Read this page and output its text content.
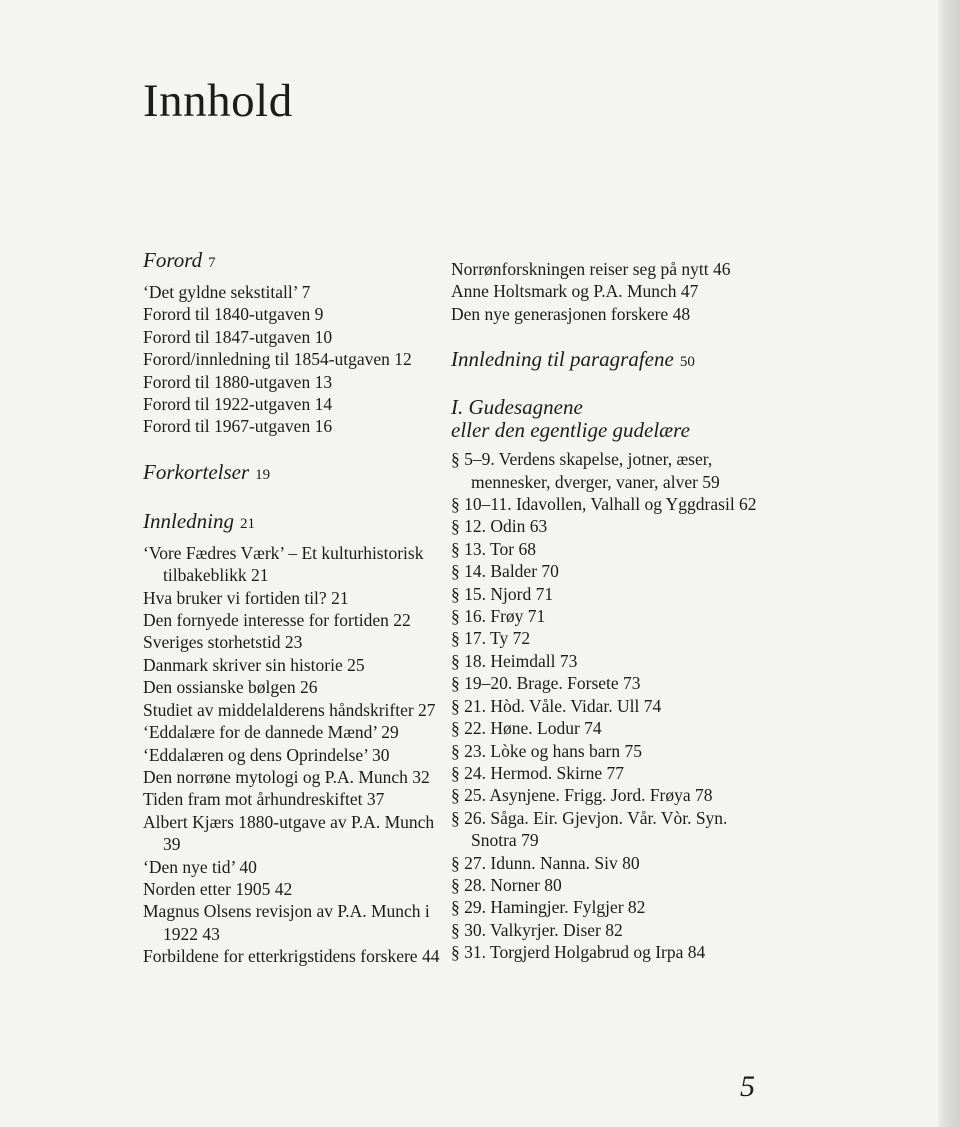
Innhold
Forord 7
‘Det gyldne sekstitall’ 7
Forord til 1840-utgaven 9
Forord til 1847-utgaven 10
Forord/innledning til 1854-utgaven 12
Forord til 1880-utgaven 13
Forord til 1922-utgaven 14
Forord til 1967-utgaven 16
Forkortelser 19
Innledning 21
‘Vore Fædres Værk’ – Et kulturhistorisk tilbakeblikk 21
Hva bruker vi fortiden til? 21
Den fornyede interesse for fortiden 22
Sveriges storhetstid 23
Danmark skriver sin historie 25
Den ossianske bølgen 26
Studiet av middelalderens håndskrifter 27
‘Eddalære for de dannede Mænd’ 29
‘Eddalæren og dens Oprindelse’ 30
Den norrøne mytologi og P.A. Munch 32
Tiden fram mot århundreskiftet 37
Albert Kjærs 1880-utgave av P.A. Munch 39
‘Den nye tid’ 40
Norden etter 1905 42
Magnus Olsens revisjon av P.A. Munch i 1922 43
Forbildene for etterkrigstidens forskere 44
Norrønforskningen reiser seg på nytt 46
Anne Holtsmark og P.A. Munch 47
Den nye generasjonen forskere 48
Innledning til paragrafene 50
I. Gudesagnene
eller den egentlige gudelære
§ 5–9. Verdens skapelse, jotner, æser, mennesker, dverger, vaner, alver 59
§ 10–11. Idavollen, Valhall og Yggdrasil 62
§ 12. Odin 63
§ 13. Tor 68
§ 14. Balder 70
§ 15. Njord 71
§ 16. Frøy 71
§ 17. Ty 72
§ 18. Heimdall 73
§ 19–20. Brage. Forsete 73
§ 21. Hòd. Våle. Vidar. Ull 74
§ 22. Høne. Lodur 74
§ 23. Lòke og hans barn 75
§ 24. Hermod. Skirne 77
§ 25. Asynjene. Frigg. Jord. Frøya 78
§ 26. Såga. Eir. Gjevjon. Vår. Vòr. Syn. Snotra 79
§ 27. Idunn. Nanna. Siv 80
§ 28. Norner 80
§ 29. Hamingjer. Fylgjer 82
§ 30. Valkyrjer. Diser 82
§ 31. Torgjerd Holgabrud og Irpa 84
5
